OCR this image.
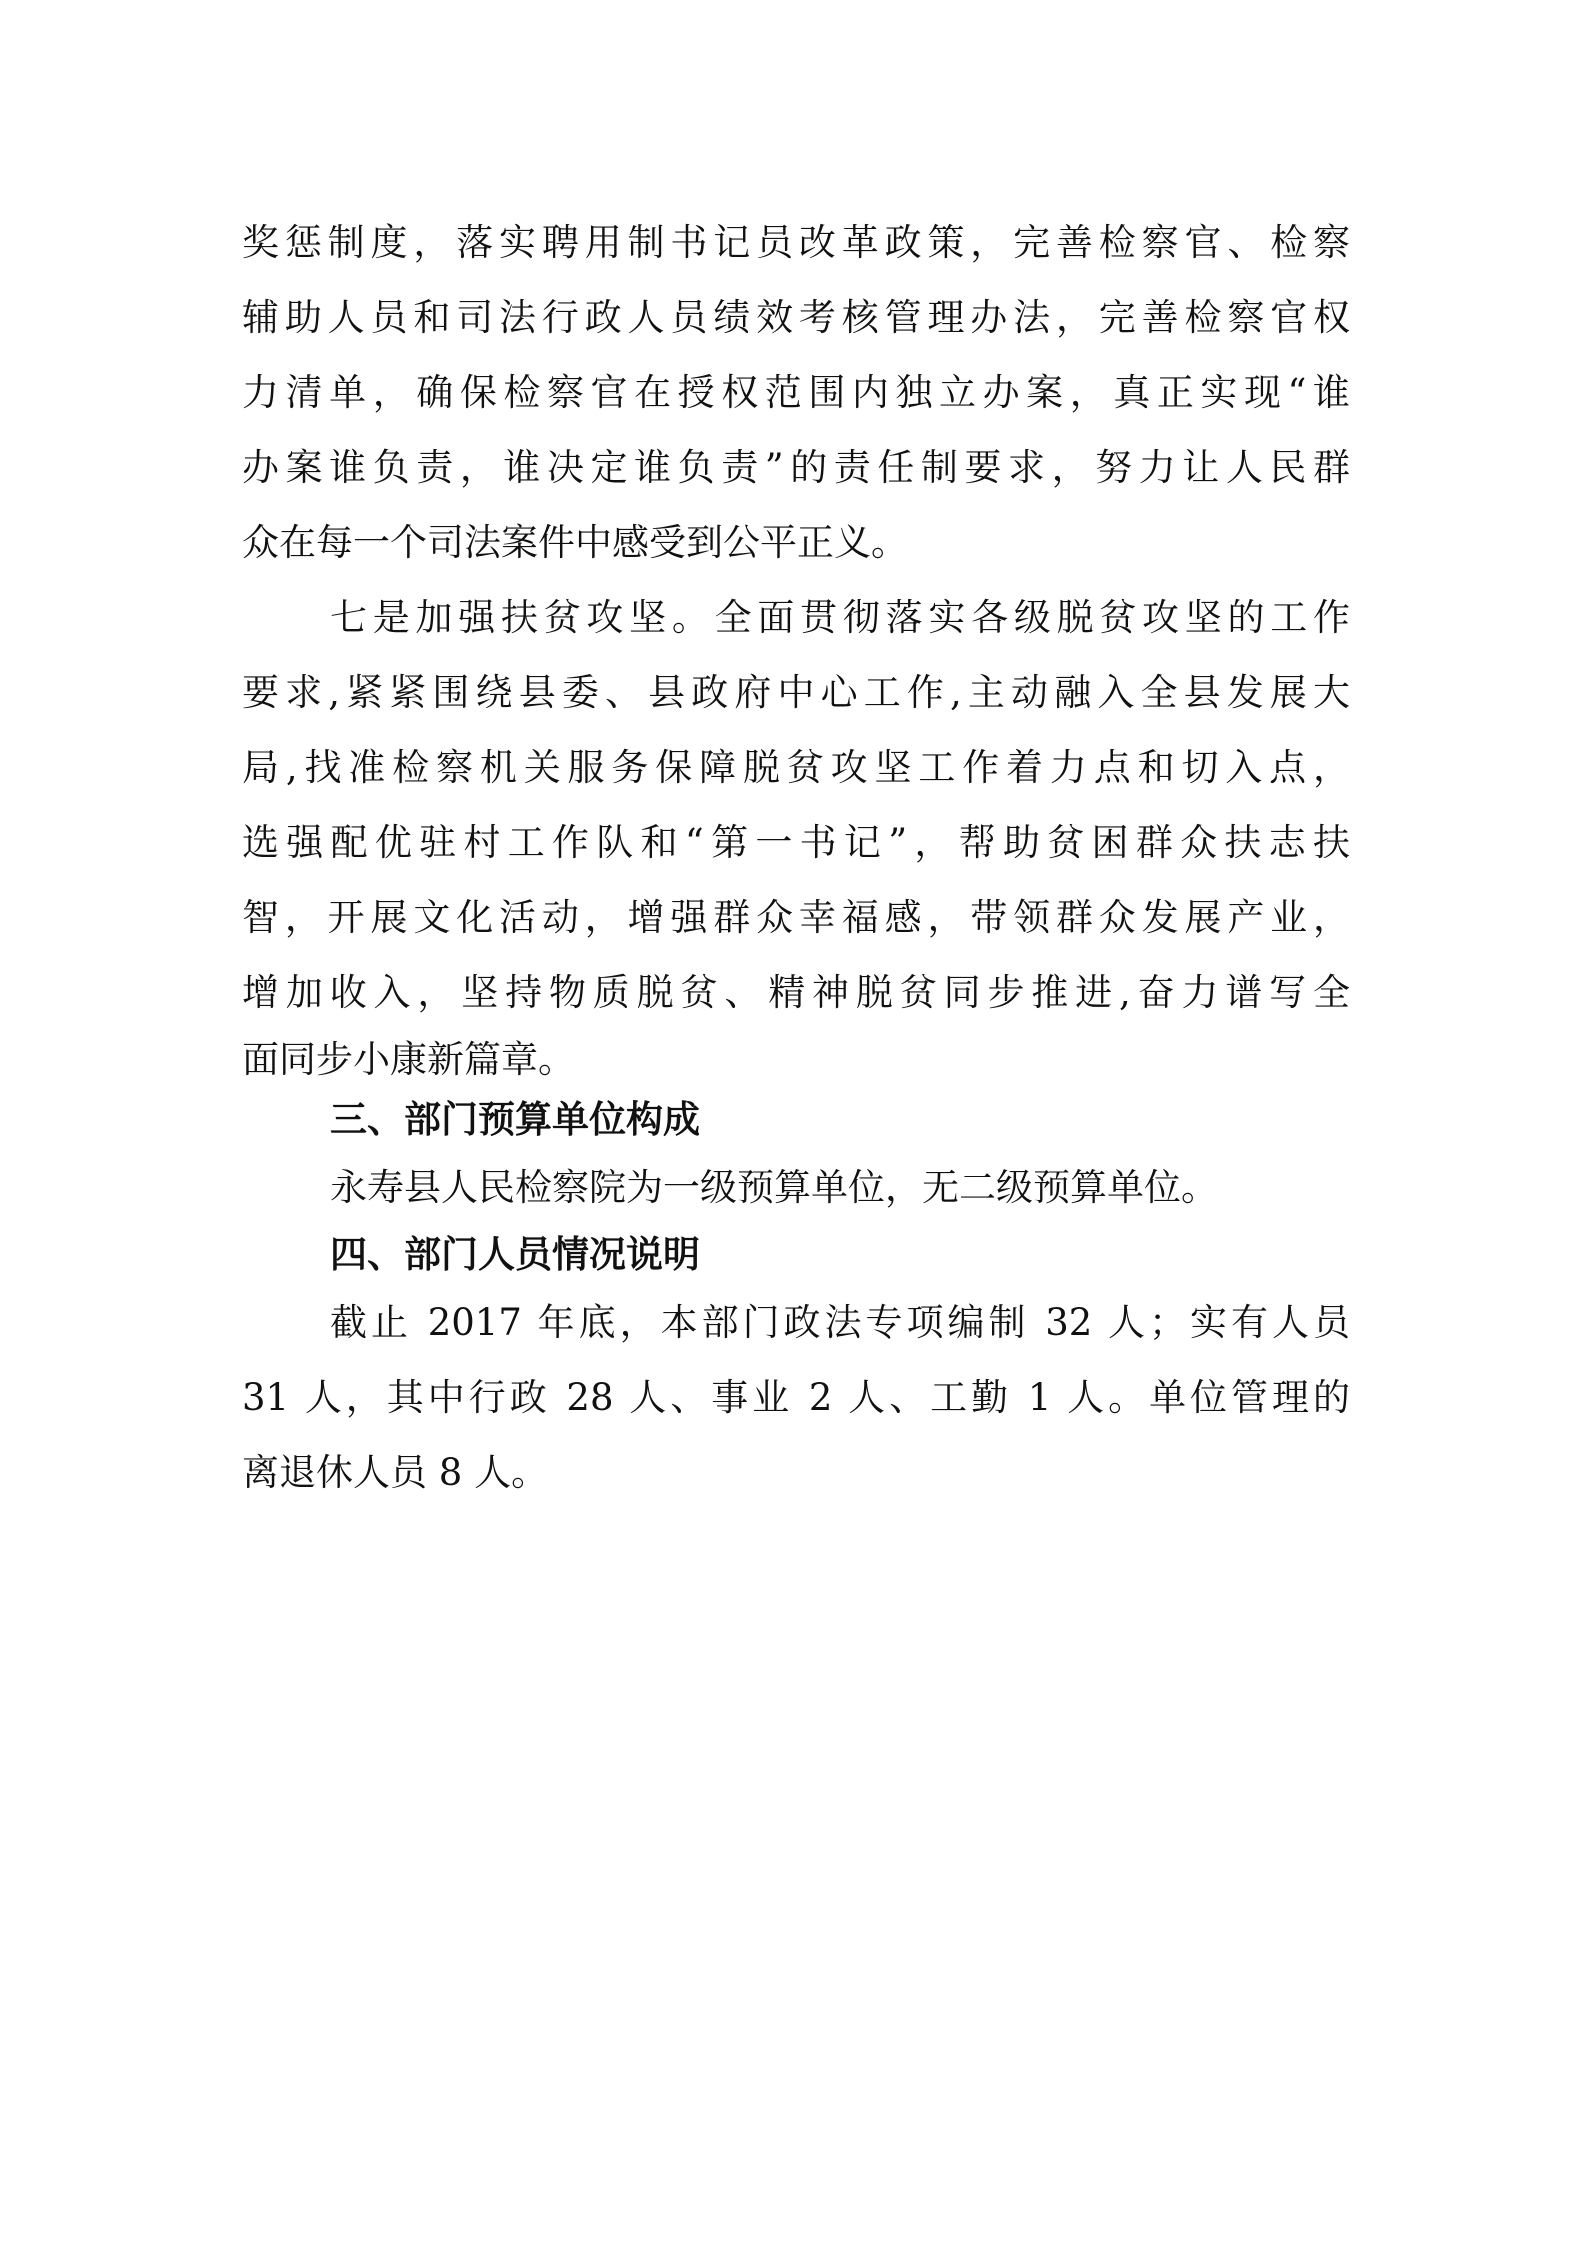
奖惩制度，落实聘用制书记员改革政策，完善检察官、检察
辅助人员和司法行政人员绩效考核管理办法，完善检察官权
力清单，确保检察官在授权范围内独立办案，真正实现“谁
办案谁负责，谁决定谁负责”的责任制要求，努力让人民群
众在每一个司法案件中感受到公平正义。
七是加强扶贫攻坚。全面贯彻落实各级脱贫攻坚的工作
要求,紧紧围绕县委、县政府中心工作,主动融入全县发展大
局,找准检察机关服务保障脱贫攻坚工作着力点和切入点，
选强配优驻村工作队和“第一书记”，帮助贫困群众扶志扶
智，开展文化活动，增强群众幸福感，带领群众发展产业，
增加收入，坚持物质脱贫、精神脱贫同步推进,奋力谱写全
面同步小康新篇章。
三、部门预算单位构成
永寿县人民检察院为一级预算单位，无二级预算单位。
四、部门人员情况说明
截止 2017 年底，本部门政法专项编制 32 人；实有人员
31 人，其中行政 28 人、事业 2 人、工勤 1 人。单位管理的
离退休人员 8 人。
